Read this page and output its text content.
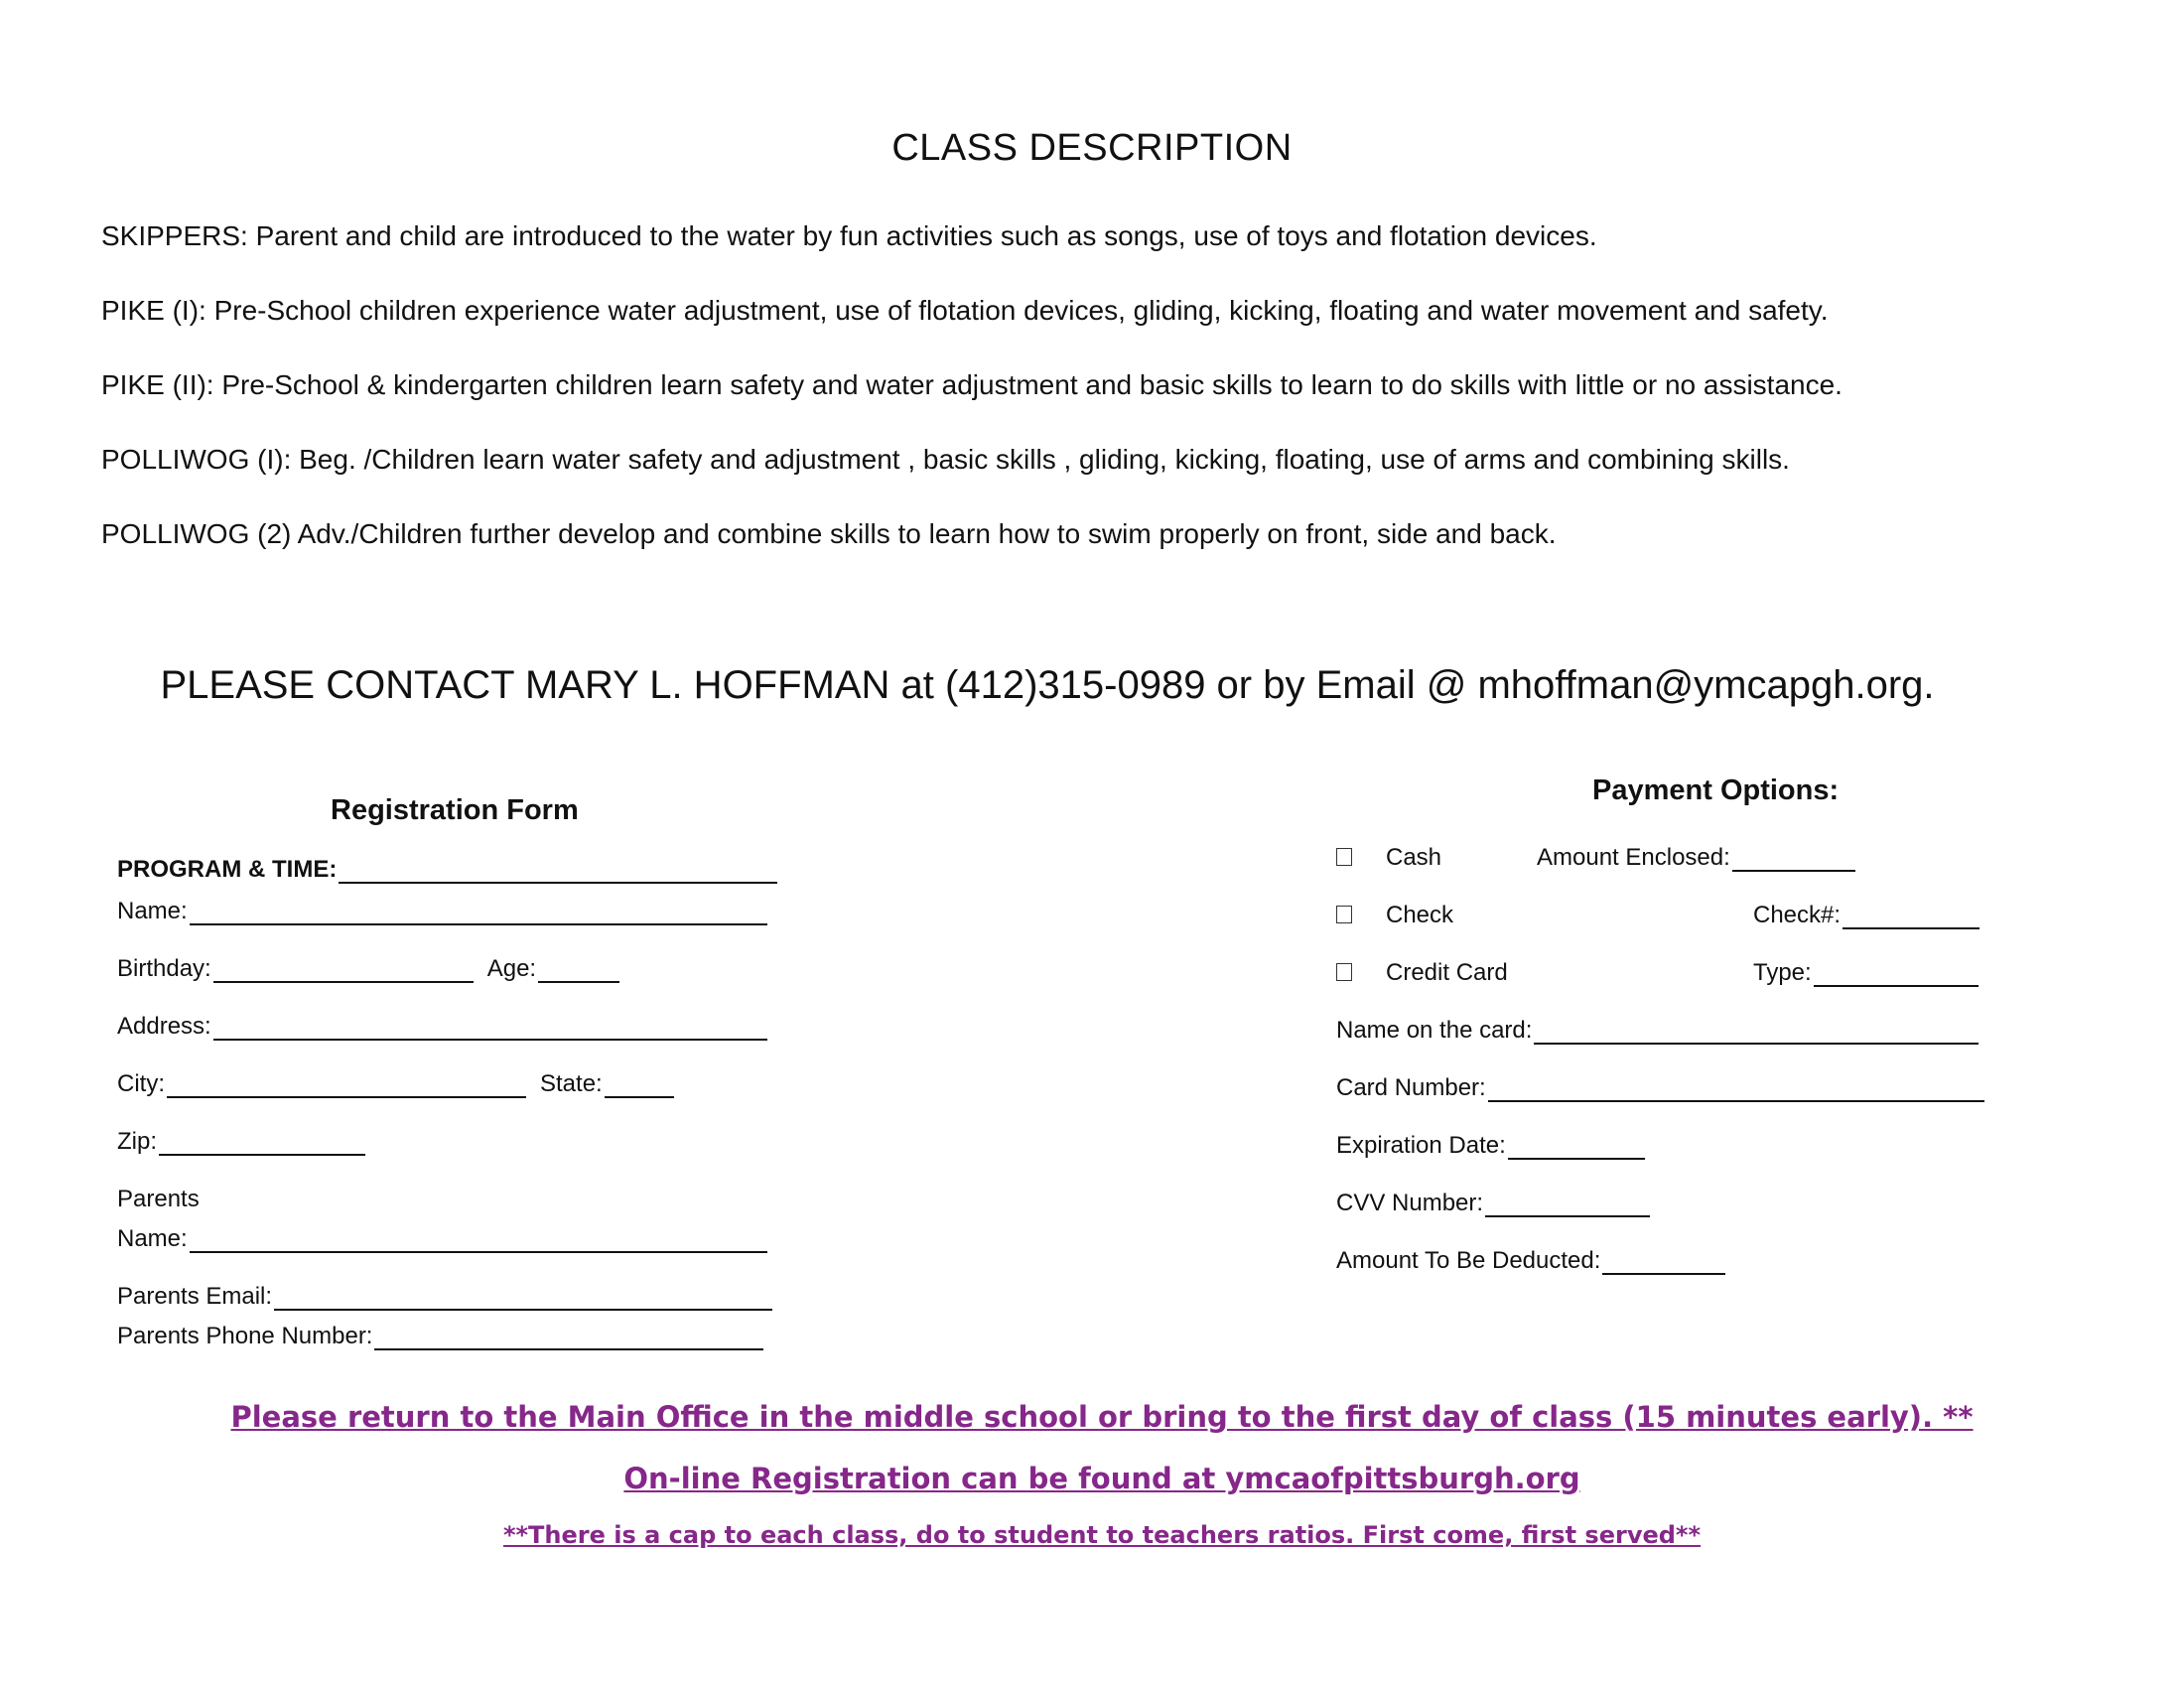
CLASS DESCRIPTION
SKIPPERS: Parent and child are introduced to the water by fun activities such as songs, use of toys and flotation devices.
PIKE (I): Pre-School children experience water adjustment, use of flotation devices, gliding, kicking, floating and water movement and safety.
PIKE (II): Pre-School & kindergarten children learn safety and water adjustment and basic skills to learn to do skills with little or no assistance.
POLLIWOG (I): Beg. /Children learn water safety and adjustment , basic skills , gliding, kicking, floating, use of arms and combining skills.
POLLIWOG (2) Adv./Children further develop and combine skills to learn how to swim properly on front, side and back.
PLEASE CONTACT MARY L. HOFFMAN at (412)315-0989 or by Email @ mhoffman@ymcapgh.org.
Registration Form
PROGRAM & TIME:
Name:
Birthday:	Age:
Address:
City:	State:
Zip:
Parents
Name:
Parents Email:
Parents Phone Number:
Payment Options:
Cash	Amount Enclosed:
Check	Check#:
Credit Card	Type:
Name on the card:
Card Number:
Expiration Date:
CVV Number:
Amount To Be Deducted:
Please return to the Main Office in the middle school or bring to the first day of class (15 minutes early). **
On-line Registration can be found at ymcaofpittsburgh.org
**There is a cap to each class, do to student to teachers ratios. First come, first served**
